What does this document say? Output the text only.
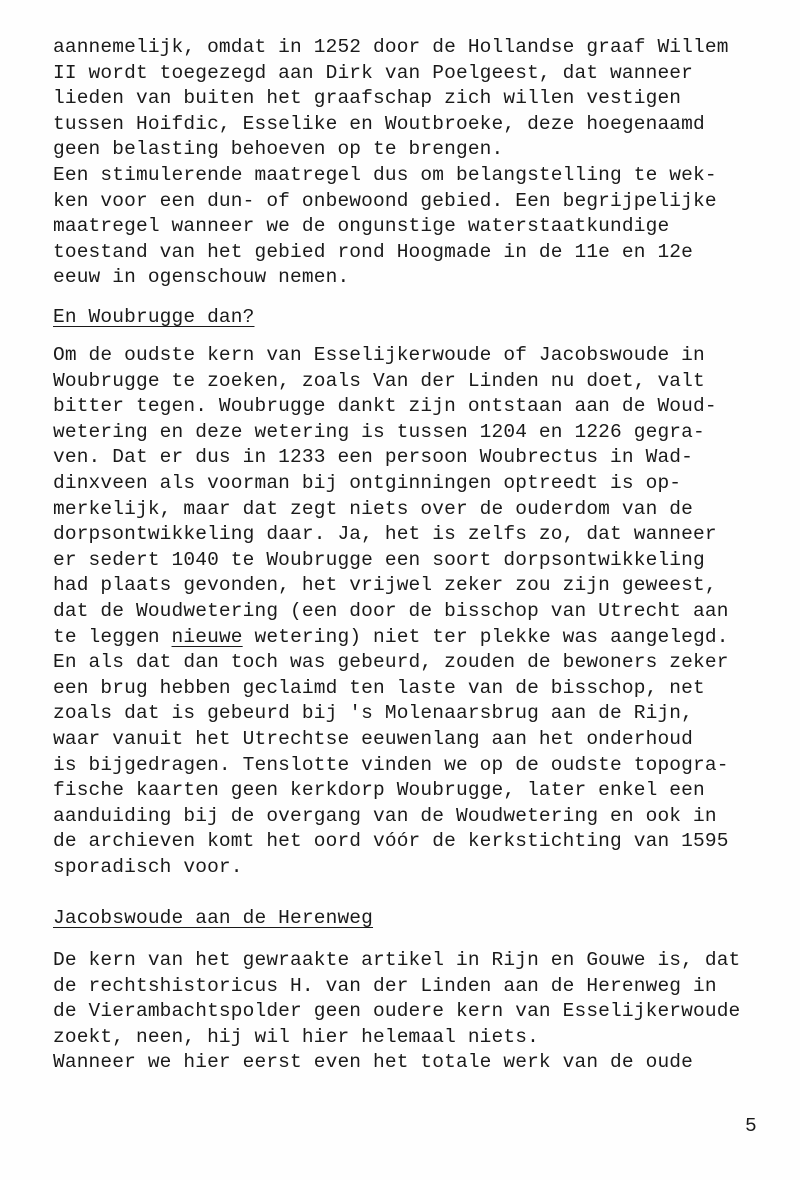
aannemelijk, omdat in 1252 door de Hollandse graaf Willem
II wordt toegezegd aan Dirk van Poelgeest, dat wanneer
lieden van buiten het graafschap zich willen vestigen
tussen Hoifdic, Esselike en Woutbroeke, deze hoegenaamd
geen belasting behoeven op te brengen.
Een stimulerende maatregel dus om belangstelling te wek-
ken voor een dun- of onbewoond gebied. Een begrijpelijke
maatregel wanneer we de ongunstige waterstaatkundige
toestand van het gebied rond Hoogmade in de 11e en 12e
eeuw in ogenschouw nemen.
En Woubrugge dan?
Om de oudste kern van Esselijkerwoude of Jacobswoude in
Woubrugge te zoeken, zoals Van der Linden nu doet, valt
bitter tegen. Woubrugge dankt zijn ontstaan aan de Woud-
wetering en deze wetering is tussen 1204 en 1226 gegra-
ven. Dat er dus in 1233 een persoon Woubrectus in Wad-
dinxveen als voorman bij ontginningen optreedt is op-
merkelijk, maar dat zegt niets over de ouderdom van de
dorpsontwikkeling daar. Ja, het is zelfs zo, dat wanneer
er sedert 1040 te Woubrugge een soort dorpsontwikkeling
had plaats gevonden, het vrijwel zeker zou zijn geweest,
dat de Woudwetering (een door de bisschop van Utrecht aan
te leggen nieuwe wetering) niet ter plekke was aangelegd.
En als dat dan toch was gebeurd, zouden de bewoners zeker
een brug hebben geclaimd ten laste van de bisschop, net
zoals dat is gebeurd bij 's Molenaarsbrug aan de Rijn,
waar vanuit het Utrechtse eeuwenlang aan het onderhoud
is bijgedragen. Tenslotte vinden we op de oudste topogra-
fische kaarten geen kerkdorp Woubrugge, later enkel een
aanduiding bij de overgang van de Woudwetering en ook in
de archieven komt het oord vóór de kerkstichting van 1595
sporadisch voor.
Jacobswoude aan de Herenweg
De kern van het gewraakte artikel in Rijn en Gouwe is, dat
de rechtshistoricus H. van der Linden aan de Herenweg in
de Vierambachtspolder geen oudere kern van Esselijkerwoude
zoekt, neen, hij wil hier helemaal niets.
Wanneer we hier eerst even het totale werk van de oude
5
